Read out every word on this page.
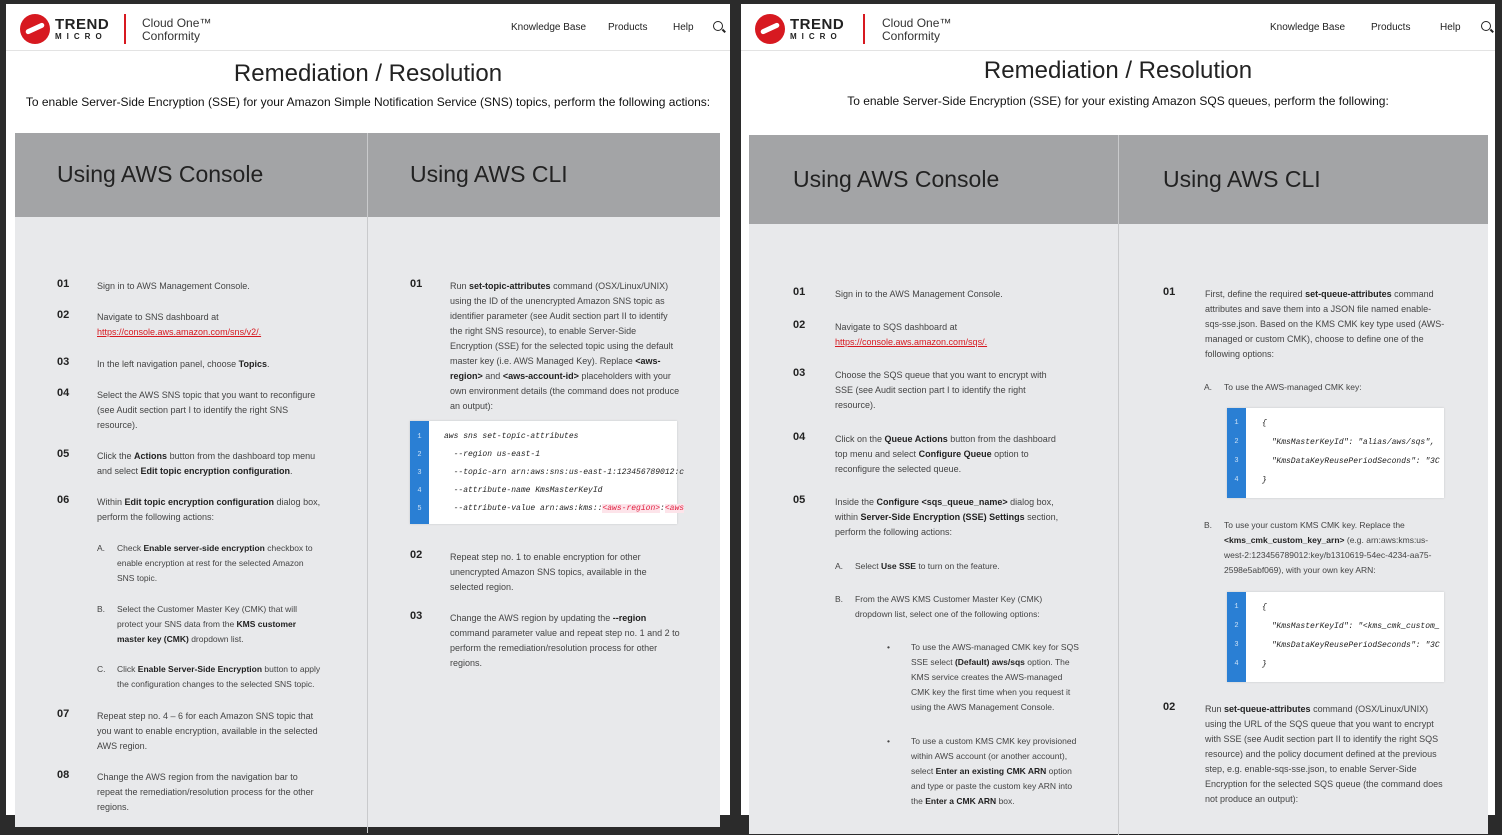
TREND
MICRO
Cloud One™
Conformity
Knowledge Base Products	Help
Remediation / Resolution
To enable Server-Side Encryption (SSE) for your Amazon Simple Notification Service (SNS) topics, perform the following actions:
Using AWS Console	Using AWS CLI
01	Sign in to AWS Management Console.
02	Navigate to SNS dashboard at
https://console.aws.amazon.com/sns/v2/.
03	In the left navigation panel, choose Topics.
04	Select the AWS SNS topic that you want to reconfigure (see Audit section part I to identify the right SNS resource).
05	Click the Actions button from the dashboard top menu and select Edit topic encryption configuration.
06	Within Edit topic encryption configuration dialog box, perform the following actions:
A. Check Enable server-side encryption checkbox to enable encryption at rest for the selected Amazon SNS topic.
B. Select the Customer Master Key (CMK) that will protect your SNS data from the KMS customer master key (CMK) dropdown list.
C. Click Enable Server-Side Encryption button to apply the configuration changes to the selected SNS topic.
07	Repeat step no. 4 – 6 for each Amazon SNS topic that you want to enable encryption, available in the selected AWS region.
08	Change the AWS region from the navigation bar to repeat the remediation/resolution process for the other regions.
01	Run set-topic-attributes command (OSX/Linux/UNIX) using the ID of the unencrypted Amazon SNS topic as identifier parameter (see Audit section part II to identify the right SNS resource), to enable Server-Side Encryption (SSE) for the selected topic using the default master key (i.e. AWS Managed Key). Replace <aws-region> and <aws-account-id> placeholders with your own environment details (the command does not produce an output):
1
2
3
4
5
aws sns set-topic-attributes
--region us-east-1
--topic-arn arn:aws:sns:us-east-1:123456789012:c
--attribute-name KmsMasterKeyId
--attribute-value arn:aws:kms::<aws-region>:<aws
02	Repeat step no. 1 to enable encryption for other unencrypted Amazon SNS topics, available in the selected region.
03	Change the AWS region by updating the --region command parameter value and repeat step no. 1 and 2 to perform the remediation/resolution process for other regions.
TREND
MICRO
Cloud One™
Conformity
Knowledge Base	Products	Help
Remediation / Resolution
To enable Server-Side Encryption (SSE) for your existing Amazon SQS queues, perform the following:
Using AWS Console	Using AWS CLI
01	Sign in to the AWS Management Console.
02	Navigate to SQS dashboard at
https://console.aws.amazon.com/sqs/.
03	Choose the SQS queue that you want to encrypt with SSE (see Audit section part I to identify the right resource).
04	Click on the Queue Actions button from the dashboard top menu and select Configure Queue option to reconfigure the selected queue.
05	Inside the Configure <sqs_queue_name> dialog box, within Server-Side Encryption (SSE) Settings section, perform the following actions:
A. Select Use SSE to turn on the feature.
B. From the AWS KMS Customer Master Key (CMK) dropdown list, select one of the following options:
• To use the AWS-managed CMK key for SQS SSE select (Default) aws/sqs option. The KMS service creates the AWS-managed CMK key the first time when you request it using the AWS Management Console.
• To use a custom KMS CMK key provisioned within AWS account (or another account), select Enter an existing CMK ARN option and type or paste the custom key ARN into the Enter a CMK ARN box.
01	First, define the required set-queue-attributes command attributes and save them into a JSON file named enable-sqs-sse.json. Based on the KMS CMK key type used (AWS-managed or custom CMK), choose to define one of the following options:
A. To use the AWS-managed CMK key:
1
2
3
4
{
"KmsMasterKeyId": "alias/aws/sqs",
"KmsDataKeyReusePeriodSeconds": "3C
}
B. To use your custom KMS CMK key. Replace the <kms_cmk_custom_key_arn> (e.g. arn:aws:kms:us-west-2:123456789012:key/b1310619-54ec-4234-aa75-2598e5abf069), with your own key ARN:
1
2
3
4
{
"KmsMasterKeyId": "<kms_cmk_custom_
"KmsDataKeyReusePeriodSeconds": "3C
}
02	Run set-queue-attributes command (OSX/Linux/UNIX) using the URL of the SQS queue that you want to encrypt with SSE (see Audit section part II to identify the right SQS resource) and the policy document defined at the previous step, e.g. enable-sqs-sse.json, to enable Server-Side Encryption for the selected SQS queue (the command does not produce an output):
